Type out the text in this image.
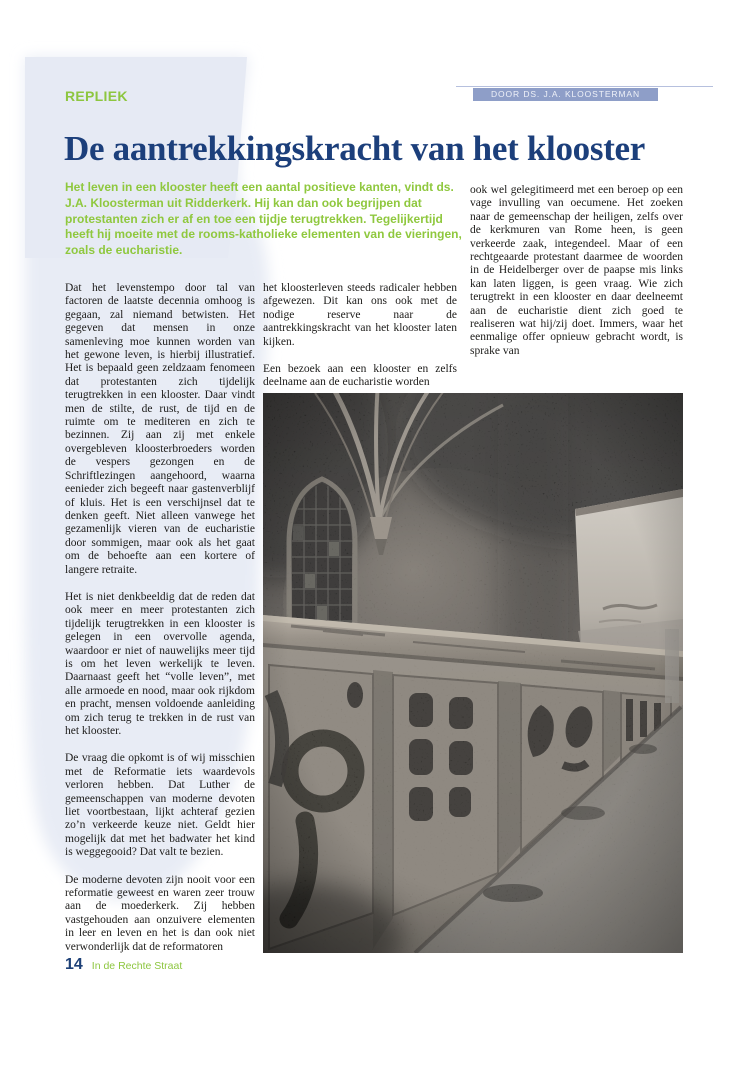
REPLIEK	DOOR DS. J.A. KLOOSTERMAN
De aantrekkingskracht van het klooster
Het leven in een klooster heeft een aantal positieve kanten, vindt ds. J.A. Kloosterman uit Ridderkerk. Hij kan dan ook begrijpen dat protestanten zich er af en toe een tijdje terugtrekken. Tegelijkertijd heeft hij moeite met de rooms-katholieke elementen van de vieringen, zoals de eucharistie.

Dat het levenstempo door tal van factoren de laatste decennia omhoog is gegaan, zal niemand betwisten. Het gegeven dat mensen in onze samenleving moe kunnen worden van het gewone leven, is hierbij illustratief. Het is bepaald geen zeldzaam fenomeen dat protestanten zich tijdelijk terugtrekken in een klooster. Daar vindt men de stilte, de rust, de tijd en de ruimte om te mediteren en zich te bezinnen. Zij aan zij met enkele overgebleven kloosterbroeders worden de vespers gezongen en de Schriftlezingen aangehoord, waarna eenieder zich begeeft naar gastenverblijf of kluis. Het is een verschijnsel dat te denken geeft. Niet alleen vanwege het gezamenlijk vieren van de eucharistie door sommigen, maar ook als het gaat om de behoefte aan een kortere of langere retraite.

Het is niet denkbeeldig dat de reden dat ook meer en meer protestanten zich tijdelijk terugtrekken in een klooster is gelegen in een overvolle agenda, waardoor er niet of nauwelijks meer tijd is om het leven werkelijk te leven. Daarnaast geeft het “volle leven”, met alle armoede en nood, maar ook rijkdom en pracht, mensen voldoende aanleiding om zich terug te trekken in de rust van het klooster.

De vraag die opkomt is of wij misschien met de Reformatie iets waardevols verloren hebben. Dat Luther de gemeenschappen van moderne devoten liet voortbestaan, lijkt achteraf gezien zo’n verkeerde keuze niet. Geldt hier mogelijk dat met het badwater het kind is weggegooid? Dat valt te bezien.

De moderne devoten zijn nooit voor een reformatie geweest en waren zeer trouw aan de moederkerk. Zij hebben vastgehouden aan onzuivere elementen in leer en leven en het is dan ook niet verwonderlijk dat de reformatoren

het kloosterleven steeds radicaler hebben afgewezen. Dit kan ons ook met de nodige reserve naar de aantrekkingskracht van het klooster laten kijken.

Een bezoek aan een klooster en zelfs deelname aan de eucharistie worden

ook wel gelegitimeerd met een beroep op een vage invulling van oecumene. Het zoeken naar de gemeenschap der heiligen, zelfs over de kerkmuren van Rome heen, is geen verkeerde zaak, integendeel. Maar of een rechtgeaarde protestant daarmee de woorden in de Heidelberger over de paapse mis links kan laten liggen, is geen vraag. Wie zich terugtrekt in een klooster en daar deelneemt aan de eucharistie dient zich goed te realiseren wat hij/zij doet. Immers, waar het eenmalige offer opnieuw gebracht wordt, is sprake van

14 In de Rechte Straat
